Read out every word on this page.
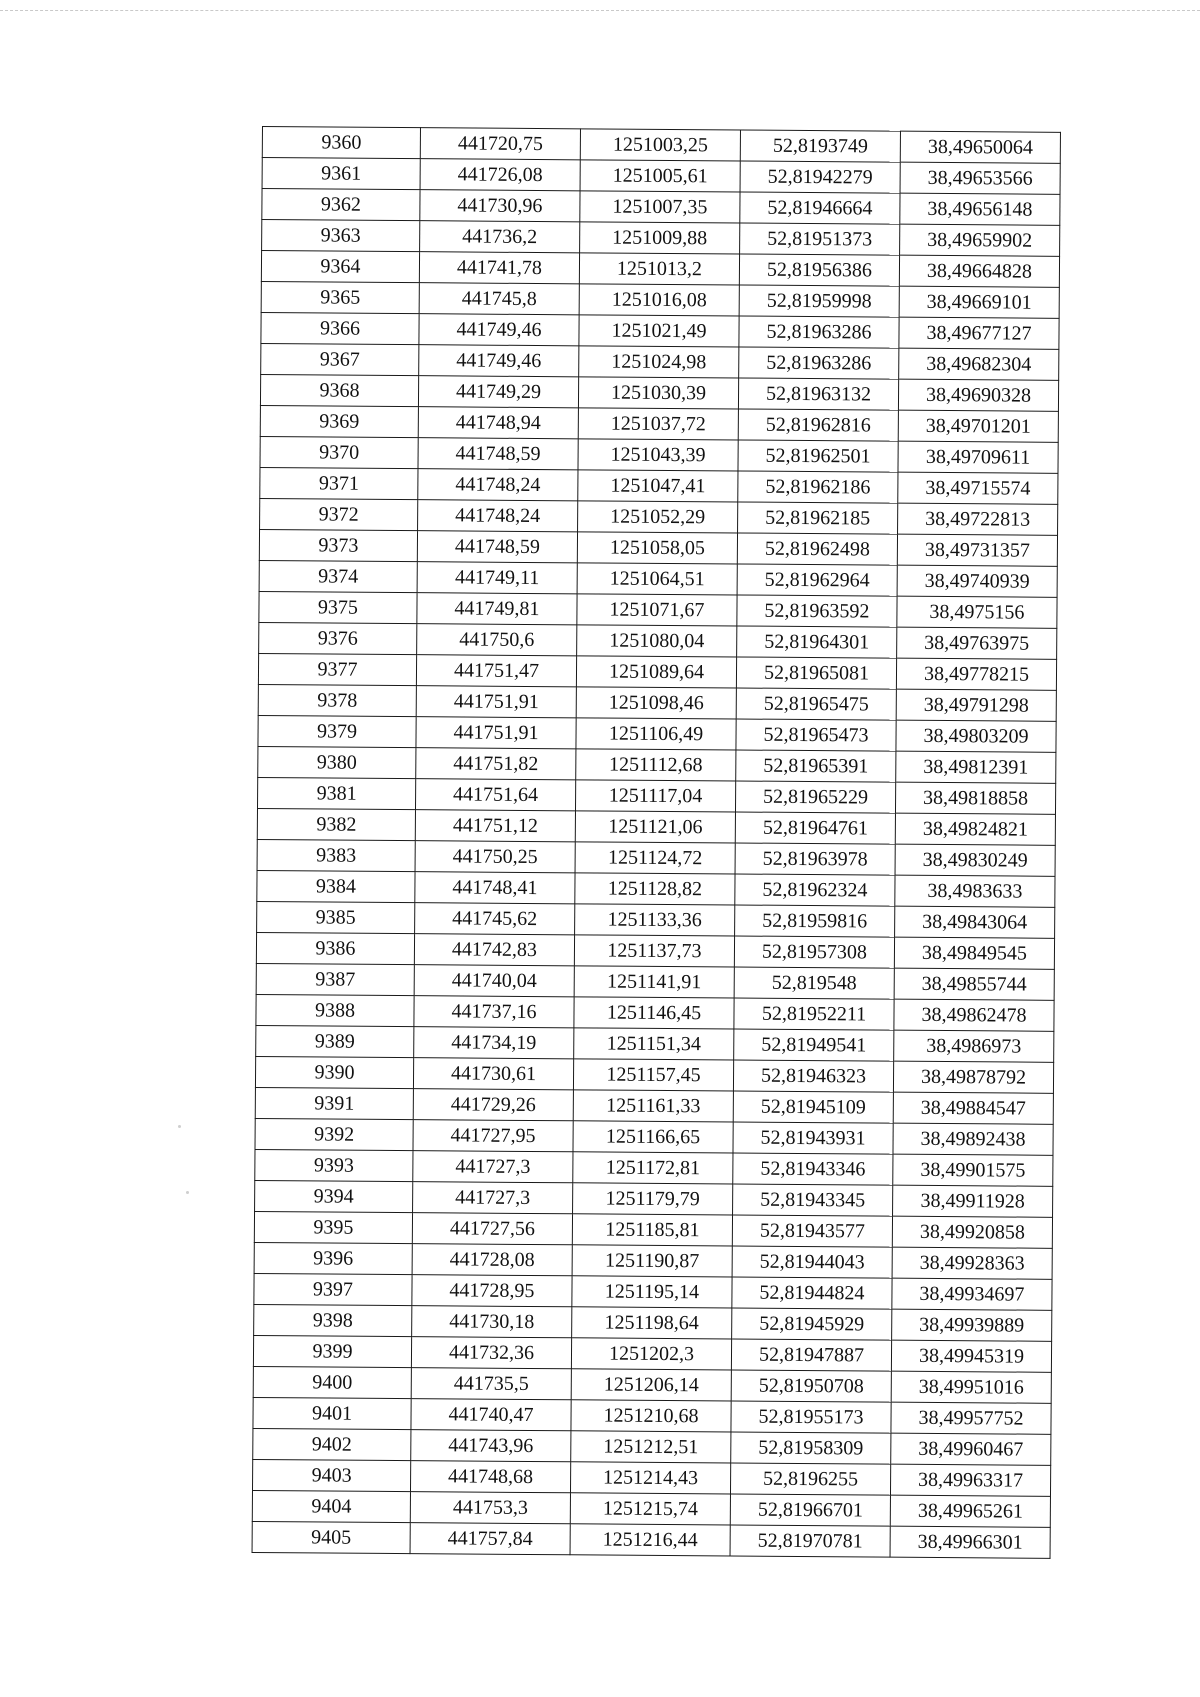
9360	441720,75	1251003,25	52,8193749	38,49650064
9361	441726,08	1251005,61	52,81942279	38,49653566
9362	441730,96	1251007,35	52,81946664	38,49656148
9363	441736,2	1251009,88	52,81951373	38,49659902
9364	441741,78	1251013,2	52,81956386	38,49664828
9365	441745,8	1251016,08	52,81959998	38,49669101
9366	441749,46	1251021,49	52,81963286	38,49677127
9367	441749,46	1251024,98	52,81963286	38,49682304
9368	441749,29	1251030,39	52,81963132	38,49690328
9369	441748,94	1251037,72	52,81962816	38,49701201
9370	441748,59	1251043,39	52,81962501	38,49709611
9371	441748,24	1251047,41	52,81962186	38,49715574
9372	441748,24	1251052,29	52,81962185	38,49722813
9373	441748,59	1251058,05	52,81962498	38,49731357
9374	441749,11	1251064,51	52,81962964	38,49740939
9375	441749,81	1251071,67	52,81963592	38,4975156
9376	441750,6	1251080,04	52,81964301	38,49763975
9377	441751,47	1251089,64	52,81965081	38,49778215
9378	441751,91	1251098,46	52,81965475	38,49791298
9379	441751,91	1251106,49	52,81965473	38,49803209
9380	441751,82	1251112,68	52,81965391	38,49812391
9381	441751,64	1251117,04	52,81965229	38,49818858
9382	441751,12	1251121,06	52,81964761	38,49824821
9383	441750,25	1251124,72	52,81963978	38,49830249
9384	441748,41	1251128,82	52,81962324	38,4983633
9385	441745,62	1251133,36	52,81959816	38,49843064
9386	441742,83	1251137,73	52,81957308	38,49849545
9387	441740,04	1251141,91	52,819548	38,49855744
9388	441737,16	1251146,45	52,81952211	38,49862478
9389	441734,19	1251151,34	52,81949541	38,4986973
9390	441730,61	1251157,45	52,81946323	38,49878792
9391	441729,26	1251161,33	52,81945109	38,49884547
9392	441727,95	1251166,65	52,81943931	38,49892438
9393	441727,3	1251172,81	52,81943346	38,49901575
9394	441727,3	1251179,79	52,81943345	38,49911928
9395	441727,56	1251185,81	52,81943577	38,49920858
9396	441728,08	1251190,87	52,81944043	38,49928363
9397	441728,95	1251195,14	52,81944824	38,49934697
9398	441730,18	1251198,64	52,81945929	38,49939889
9399	441732,36	1251202,3	52,81947887	38,49945319
9400	441735,5	1251206,14	52,81950708	38,49951016
9401	441740,47	1251210,68	52,81955173	38,49957752
9402	441743,96	1251212,51	52,81958309	38,49960467
9403	441748,68	1251214,43	52,8196255	38,49963317
9404	441753,3	1251215,74	52,81966701	38,49965261
9405	441757,84	1251216,44	52,81970781	38,49966301
